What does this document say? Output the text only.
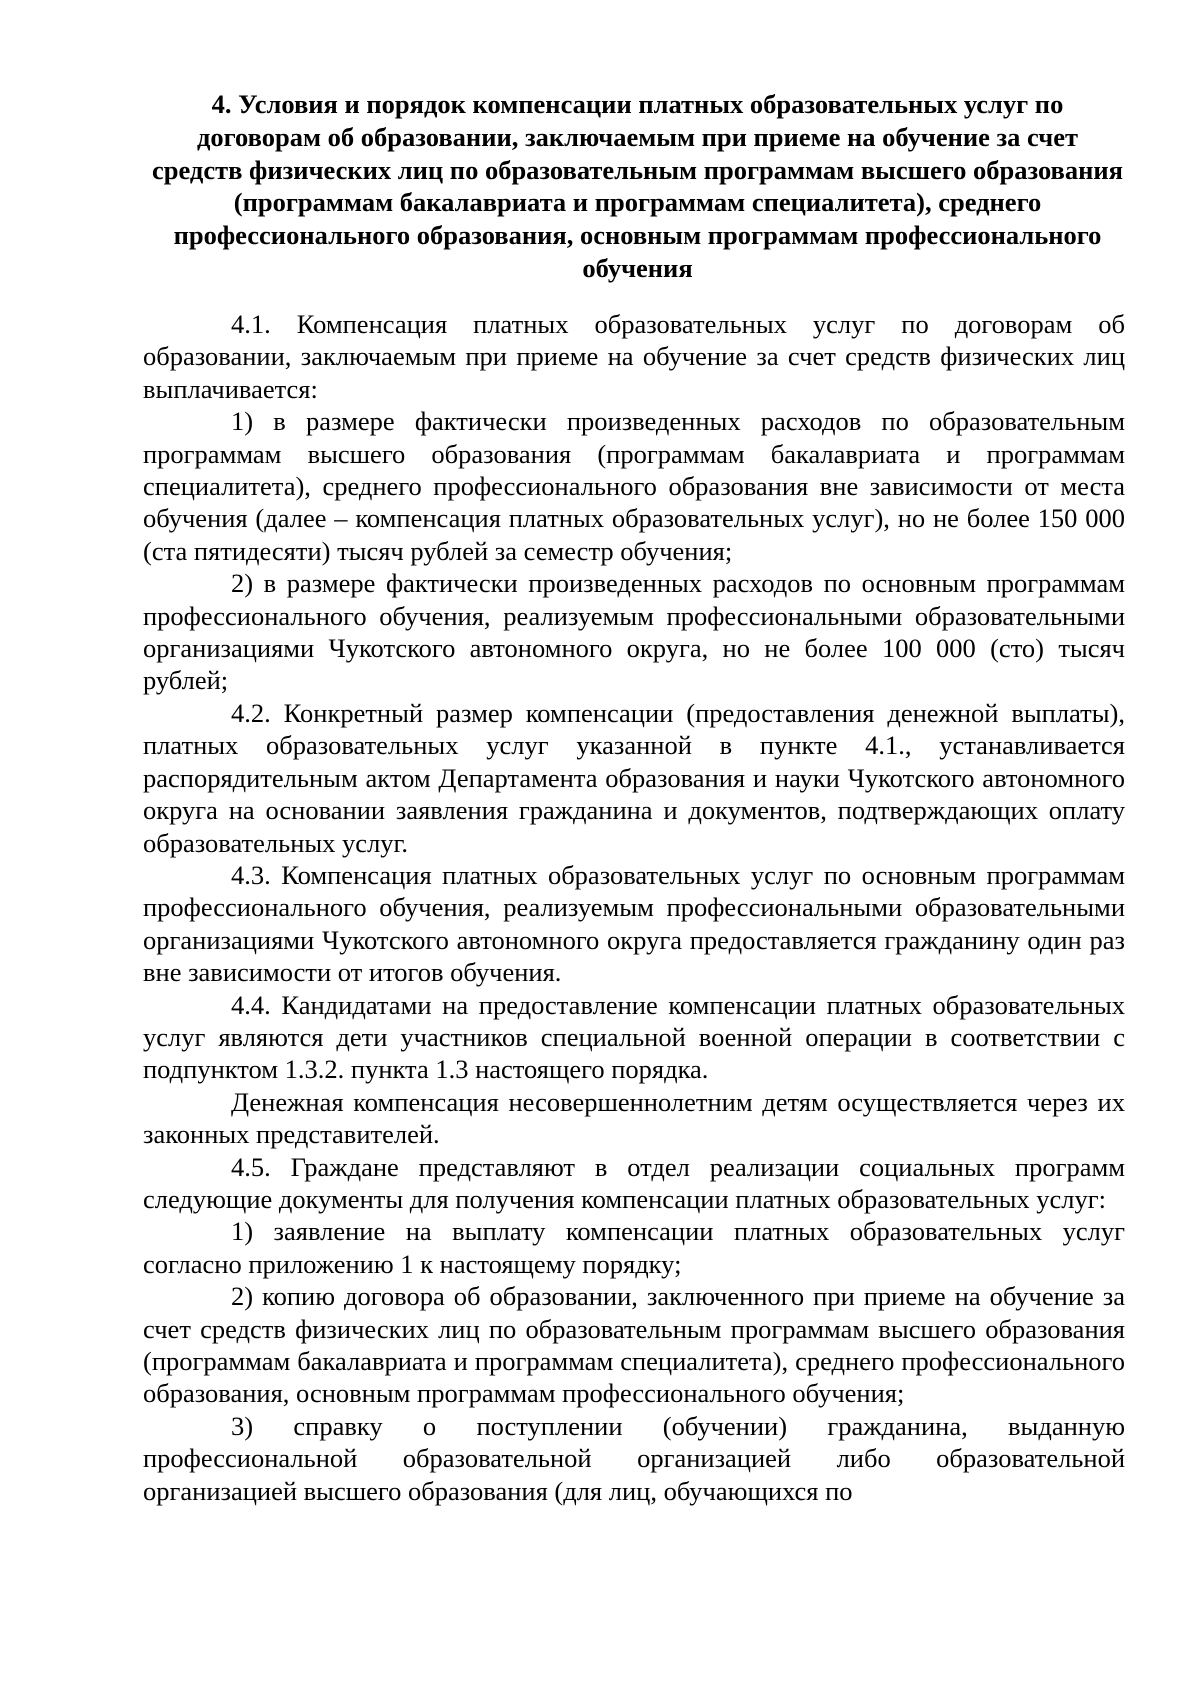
4. Условия и порядок компенсации платных образовательных услуг по договорам об образовании, заключаемым при приеме на обучение за счет средств физических лиц по образовательным программам высшего образования (программам бакалавриата и программам специалитета), среднего профессионального образования, основным программам профессионального обучения

4.1. Компенсация платных образовательных услуг по договорам об образовании, заключаемым при приеме на обучение за счет средств физических лиц выплачивается:

1) в размере фактически произведенных расходов по образовательным программам высшего образования (программам бакалавриата и программам специалитета), среднего профессионального образования вне зависимости от места обучения (далее – компенсация платных образовательных услуг), но не более 150 000 (ста пятидесяти) тысяч рублей за семестр обучения;

2) в размере фактически произведенных расходов по основным программам профессионального обучения, реализуемым профессиональными образовательными организациями Чукотского автономного округа, но не более 100 000 (сто) тысяч рублей;

4.2. Конкретный размер компенсации (предоставления денежной выплаты), платных образовательных услуг указанной в пункте 4.1., устанавливается распорядительным актом Департамента образования и науки Чукотского автономного округа на основании заявления гражданина и документов, подтверждающих оплату образовательных услуг.

4.3. Компенсация платных образовательных услуг по основным программам профессионального обучения, реализуемым профессиональными образовательными организациями Чукотского автономного округа предоставляется гражданину один раз вне зависимости от итогов обучения.

4.4. Кандидатами на предоставление компенсации платных образовательных услуг являются дети участников специальной военной операции в соответствии с подпунктом 1.3.2. пункта 1.3 настоящего порядка.

Денежная компенсация несовершеннолетним детям осуществляется через их законных представителей.

4.5. Граждане представляют в отдел реализации социальных программ следующие документы для получения компенсации платных образовательных услуг:

1) заявление на выплату компенсации платных образовательных услуг согласно приложению 1 к настоящему порядку;

2) копию договора об образовании, заключенного при приеме на обучение за счет средств физических лиц по образовательным программам высшего образования (программам бакалавриата и программам специалитета), среднего профессионального образования, основным программам профессионального обучения;

3) справку о поступлении (обучении) гражданина, выданную профессиональной образовательной организацией либо образовательной организацией высшего образования (для лиц, обучающихся по
